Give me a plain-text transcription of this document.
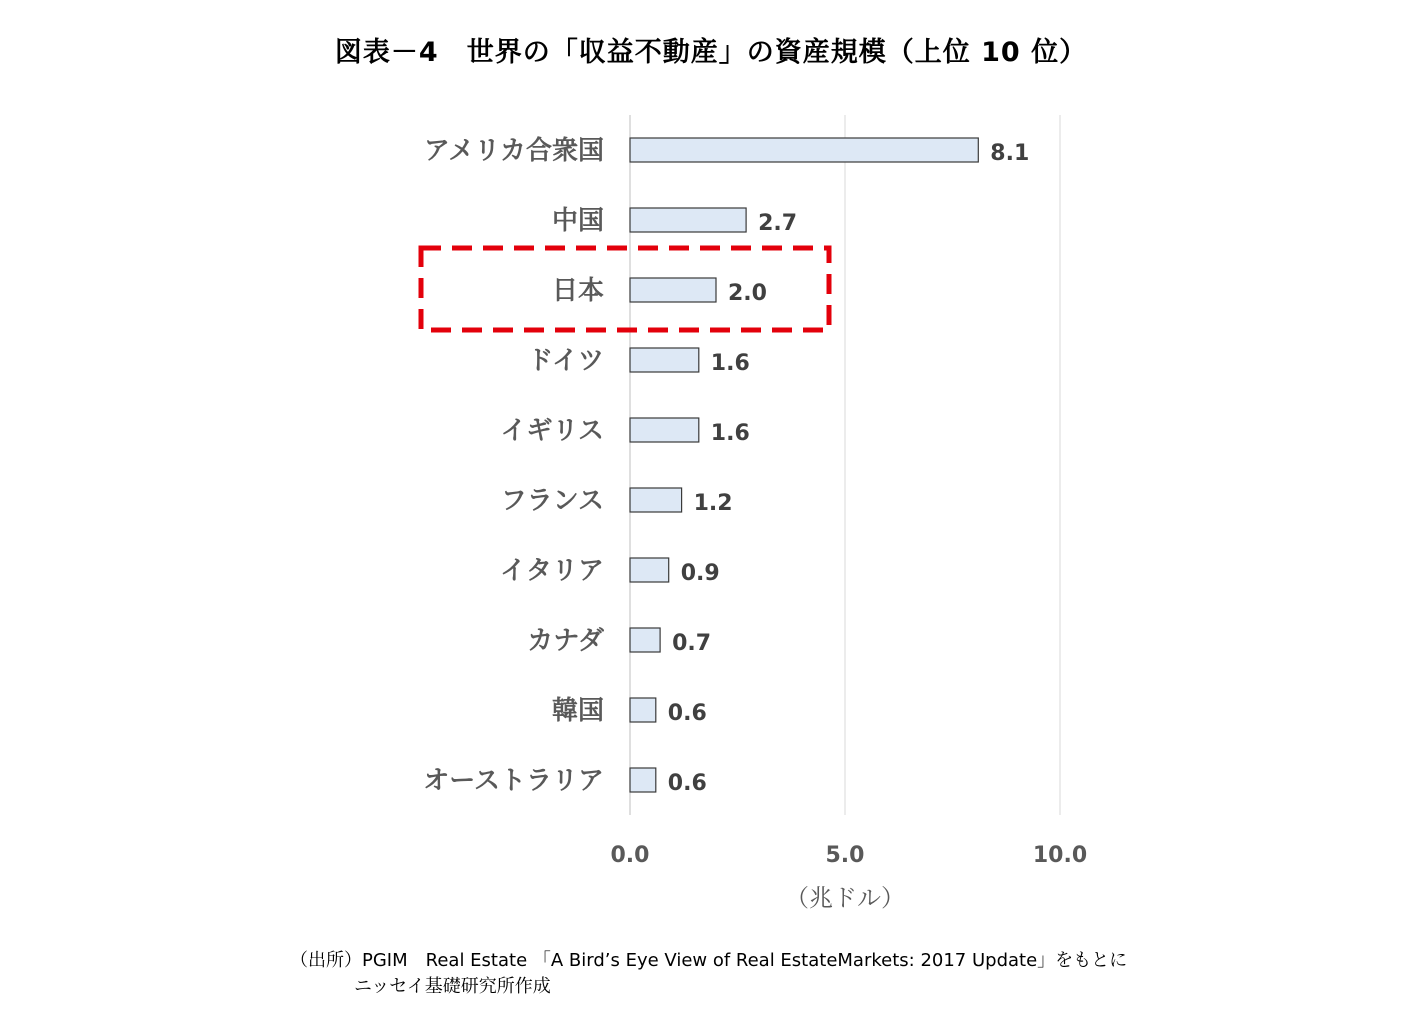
図表－4　世界の「収益不動産」の資産規模（上位 10 位）
0.0	5.0	10.0
アメリカ合衆国	8.1
中国	2.7
日本	2.0
ドイツ	1.6
イギリス	1.6
フランス	1.2
イタリア	0.9
カナダ	0.7
韓国	0.6
オーストラリア	0.6
（兆ドル）
（出所）PGIM　Real Estate 「A Bird’s Eye View of Real EstateMarkets: 2017 Update」をもとに
ニッセイ基礎研究所作成
